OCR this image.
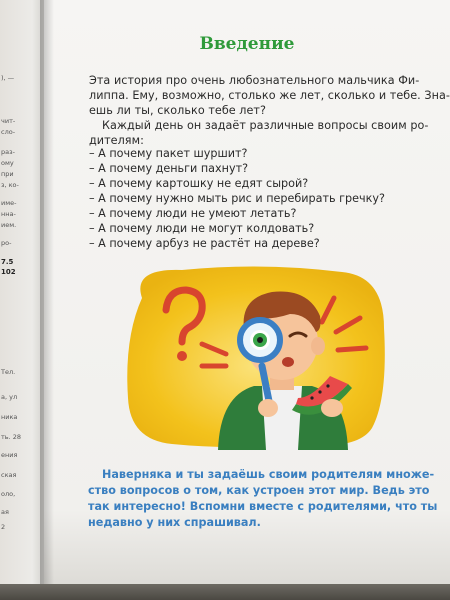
), —
чит-
сло-
раз-
ому
при
з, ко-
име-
нна-
ием.
ро-
7.5
102
Тел.
а, ул
ника
ть. 28
ения
ская
оло,
ая
2
Введение
Эта история про очень любознательного мальчика Фи-
липпа. Ему, возможно, столько же лет, сколько и тебе. Зна-
ешь ли ты, сколько тебе лет?
Каждый день он задаёт различные вопросы своим ро-
дителям:
– А почему пакет шуршит?
– А почему деньги пахнут?
– А почему картошку не едят сырой?
– А почему нужно мыть рис и перебирать гречку?
– А почему люди не умеют летать?
– А почему люди не могут колдовать?
– А почему арбуз не растёт на дереве?
Наверняка и ты задаёшь своим родителям множе-
ство вопросов о том, как устроен этот мир. Ведь это
так интересно! Вспомни вместе с родителями, что ты
недавно у них спрашивал.
